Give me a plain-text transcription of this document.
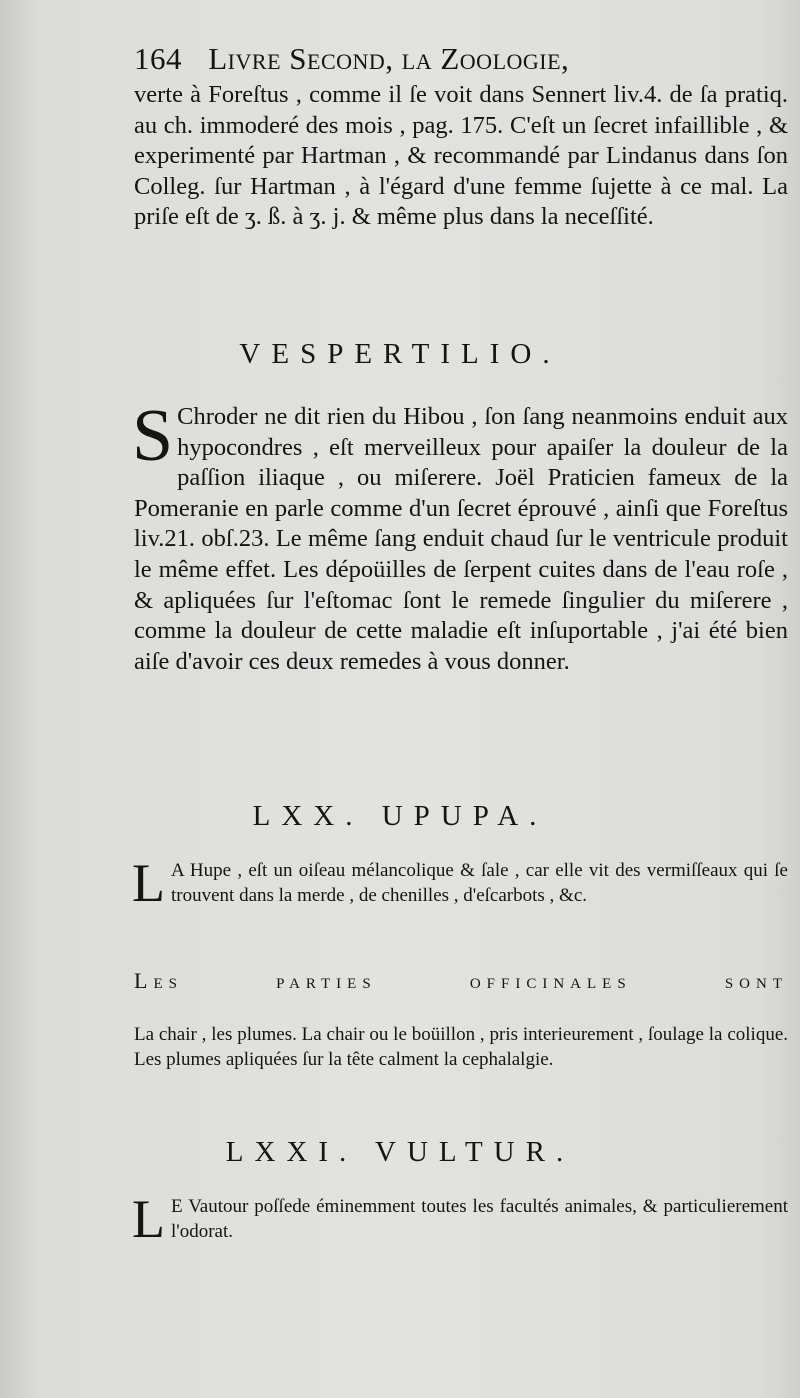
164 Livre Second, la Zoologie,

verte à Foreſtus , comme il ſe voit dans Sennert liv.4. de ſa pratiq. au ch. immoderé des mois , pag. 175. C'eſt un ſecret infaillible , & experimenté par Hartman , & recommandé par Lindanus dans ſon Colleg. ſur Hartman , à l'égard d'une femme ſujette à ce mal. La priſe eſt de ʒ. ß. à ʒ. j. & même plus dans la neceſſité.

VESPERTILIO.
S Chroder ne dit rien du Hibou , ſon ſang neanmoins enduit aux hypocondres , eſt merveilleux pour apaiſer la douleur de la paſſion iliaque , ou miſerere. Joël Praticien fameux de la Pomeranie en parle comme d'un ſecret éprouvé , ainſi que Foreſtus liv.21. obſ.23. Le même ſang enduit chaud ſur le ventricule produit le même effet. Les dépoüilles de ſerpent cuites dans de l'eau roſe , & apliquées ſur l'eſtomac ſont le remede ſingulier du miſerere , comme la douleur de cette maladie eſt inſuportable , j'ai été bien aiſe d'avoir ces deux remedes à vous donner.

LXX. UPUPA.
L A Hupe , eſt un oiſeau mélancolique & ſale , car elle vit des vermiſſeaux qui ſe trouvent dans la merde , de chenilles , d'eſcarbots , &c.

Les parties officinales sont

La chair , les plumes. La chair ou le boüillon , pris interieurement , ſoulage la colique. Les plumes apliquées ſur la tête calment la cephalalgie.

LXXI. VULTUR.
L E Vautour poſſede éminemment toutes les facultés animales, & particulierement l'odorat.
